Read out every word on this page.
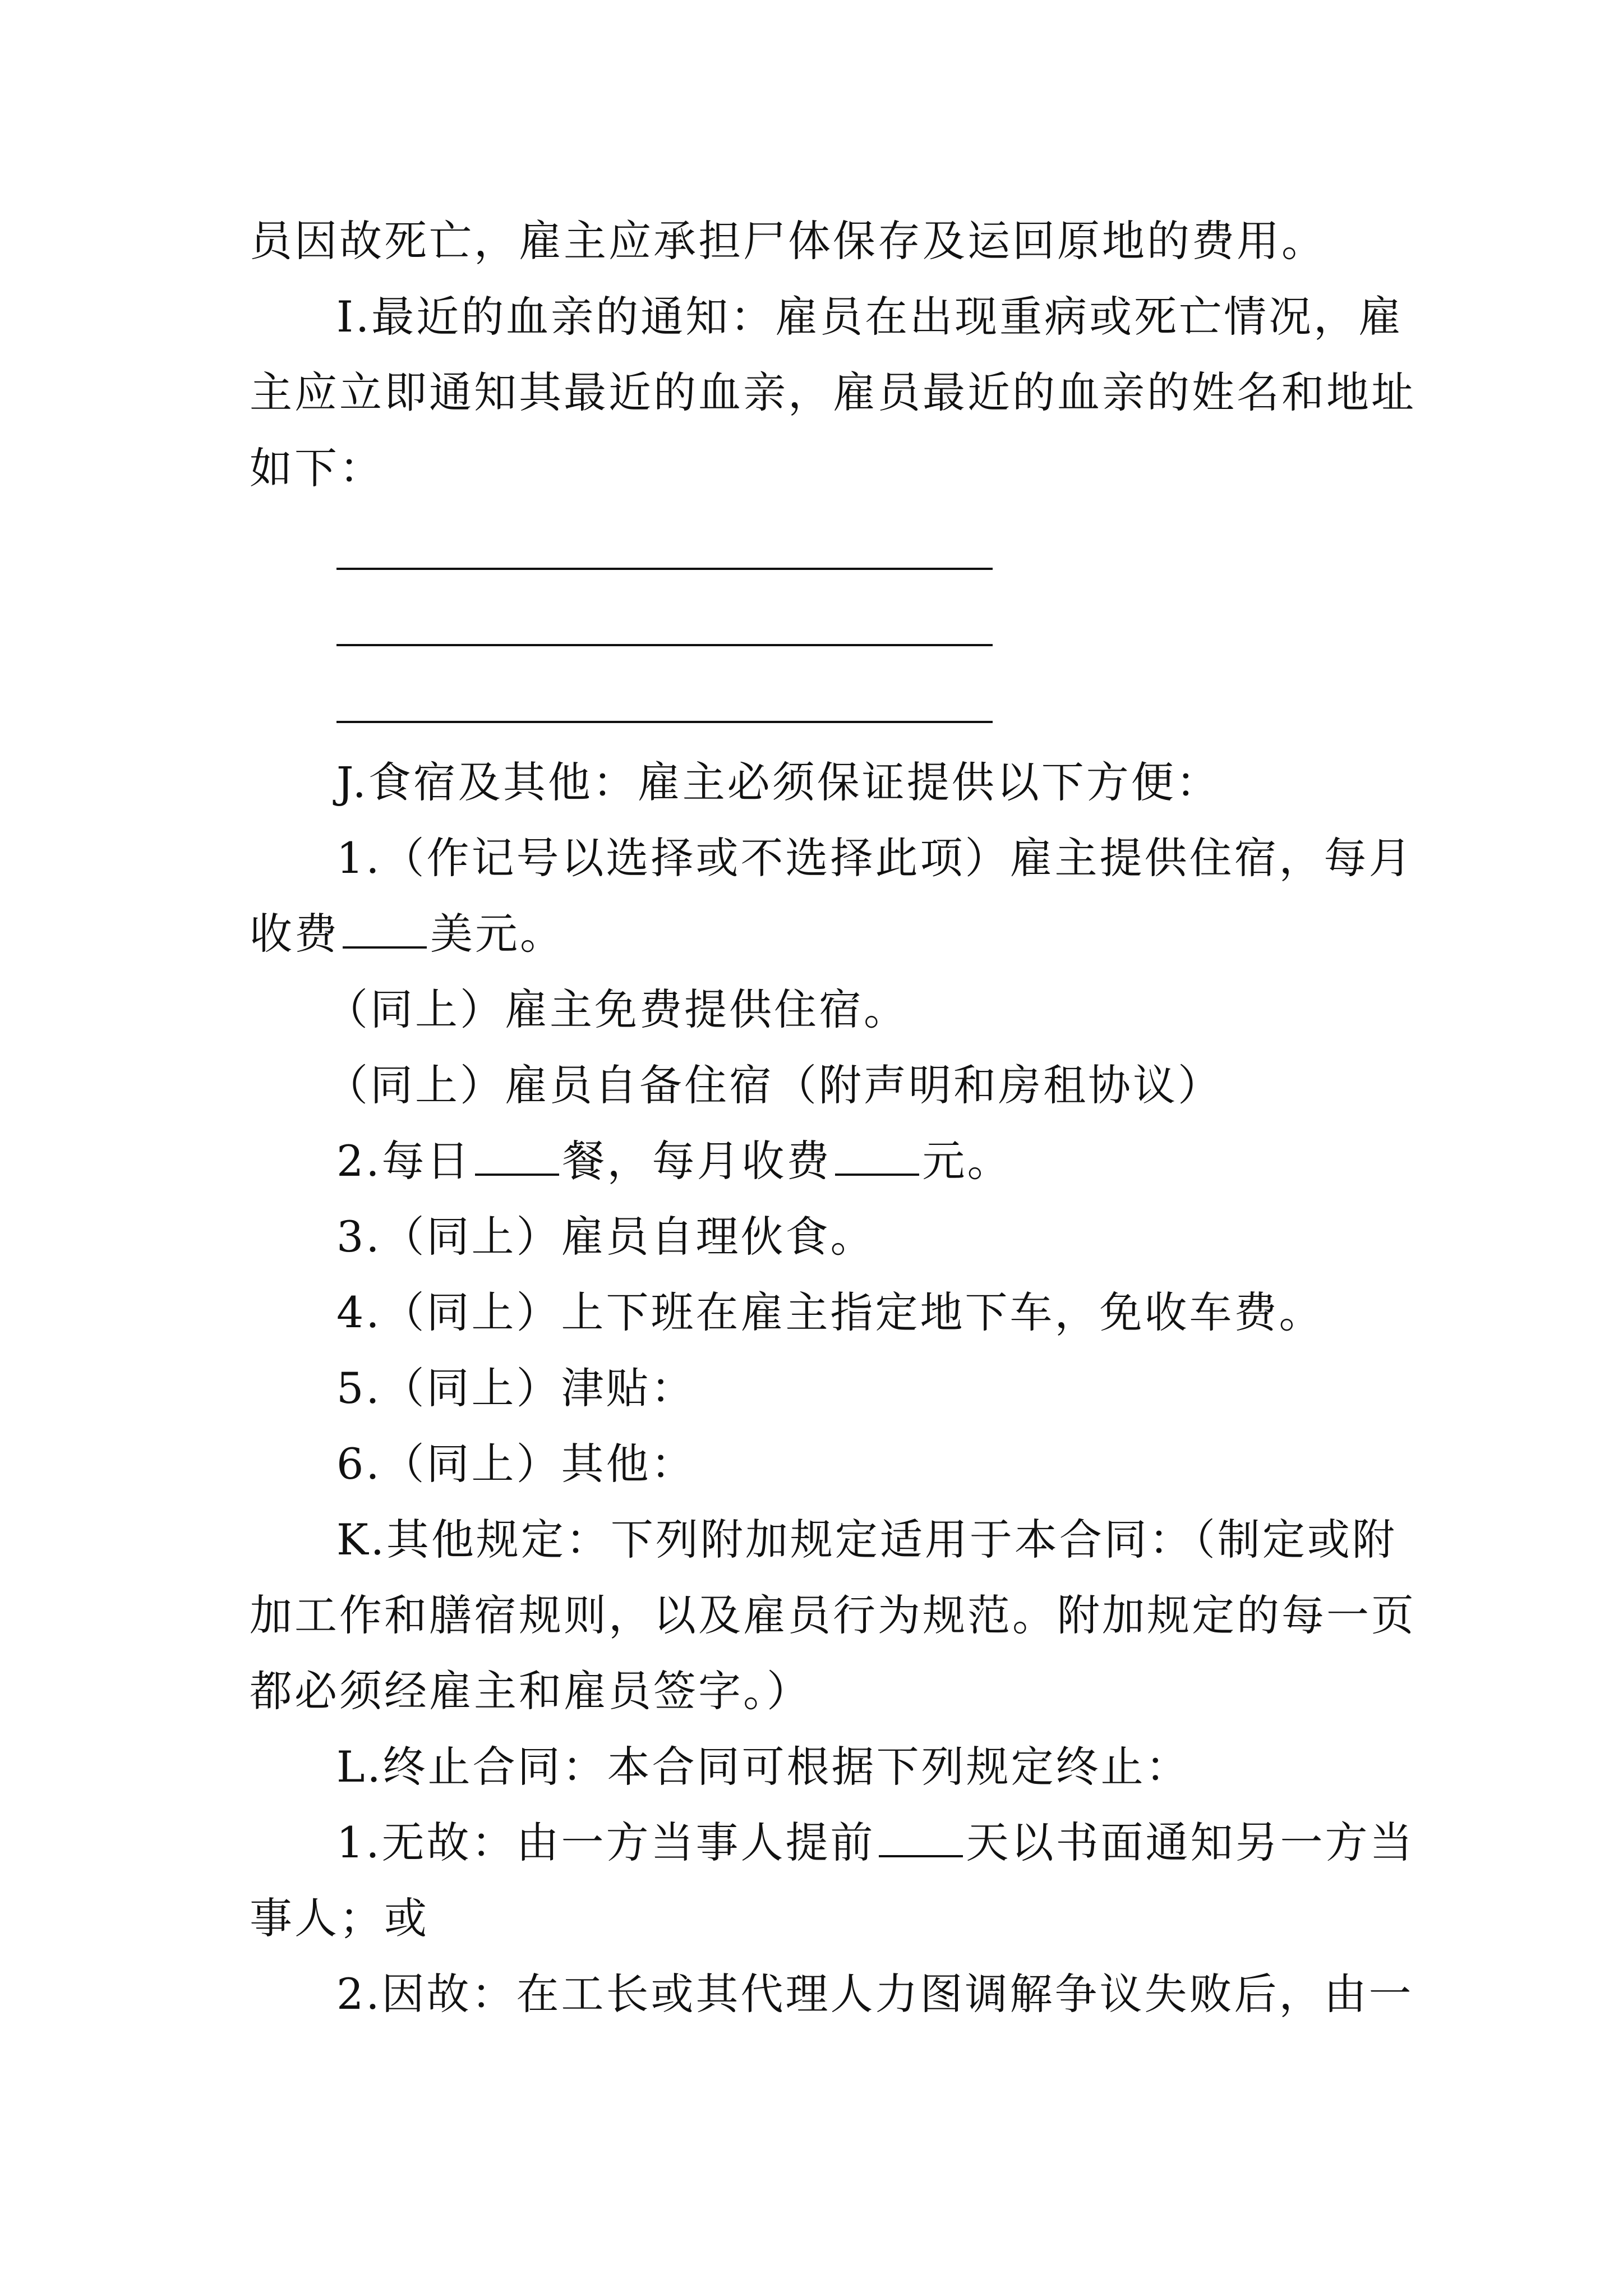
员因故死亡，雇主应承担尸体保存及运回原地的费用。
I.最近的血亲的通知：雇员在出现重病或死亡情况，雇
主应立即通知其最近的血亲，雇员最近的血亲的姓名和地址
如下：
J.食宿及其他：雇主必须保证提供以下方便：
1.（作记号以选择或不选择此项）雇主提供住宿，每月
收费 美元。
（同上）雇主免费提供住宿。
（同上）雇员自备住宿（附声明和房租协议）
2.每日 餐，每月收费 元。
3.（同上）雇员自理伙食。
4.（同上）上下班在雇主指定地下车，免收车费。
5.（同上）津贴：
6.（同上）其他：
K.其他规定：下列附加规定适用于本合同：（制定或附
加工作和膳宿规则，以及雇员行为规范。附加规定的每一页
都必须经雇主和雇员签字。）
L.终止合同：本合同可根据下列规定终止：
1.无故：由一方当事人提前 天以书面通知另一方当
事人；或
2.因故：在工长或其代理人力图调解争议失败后，由一
